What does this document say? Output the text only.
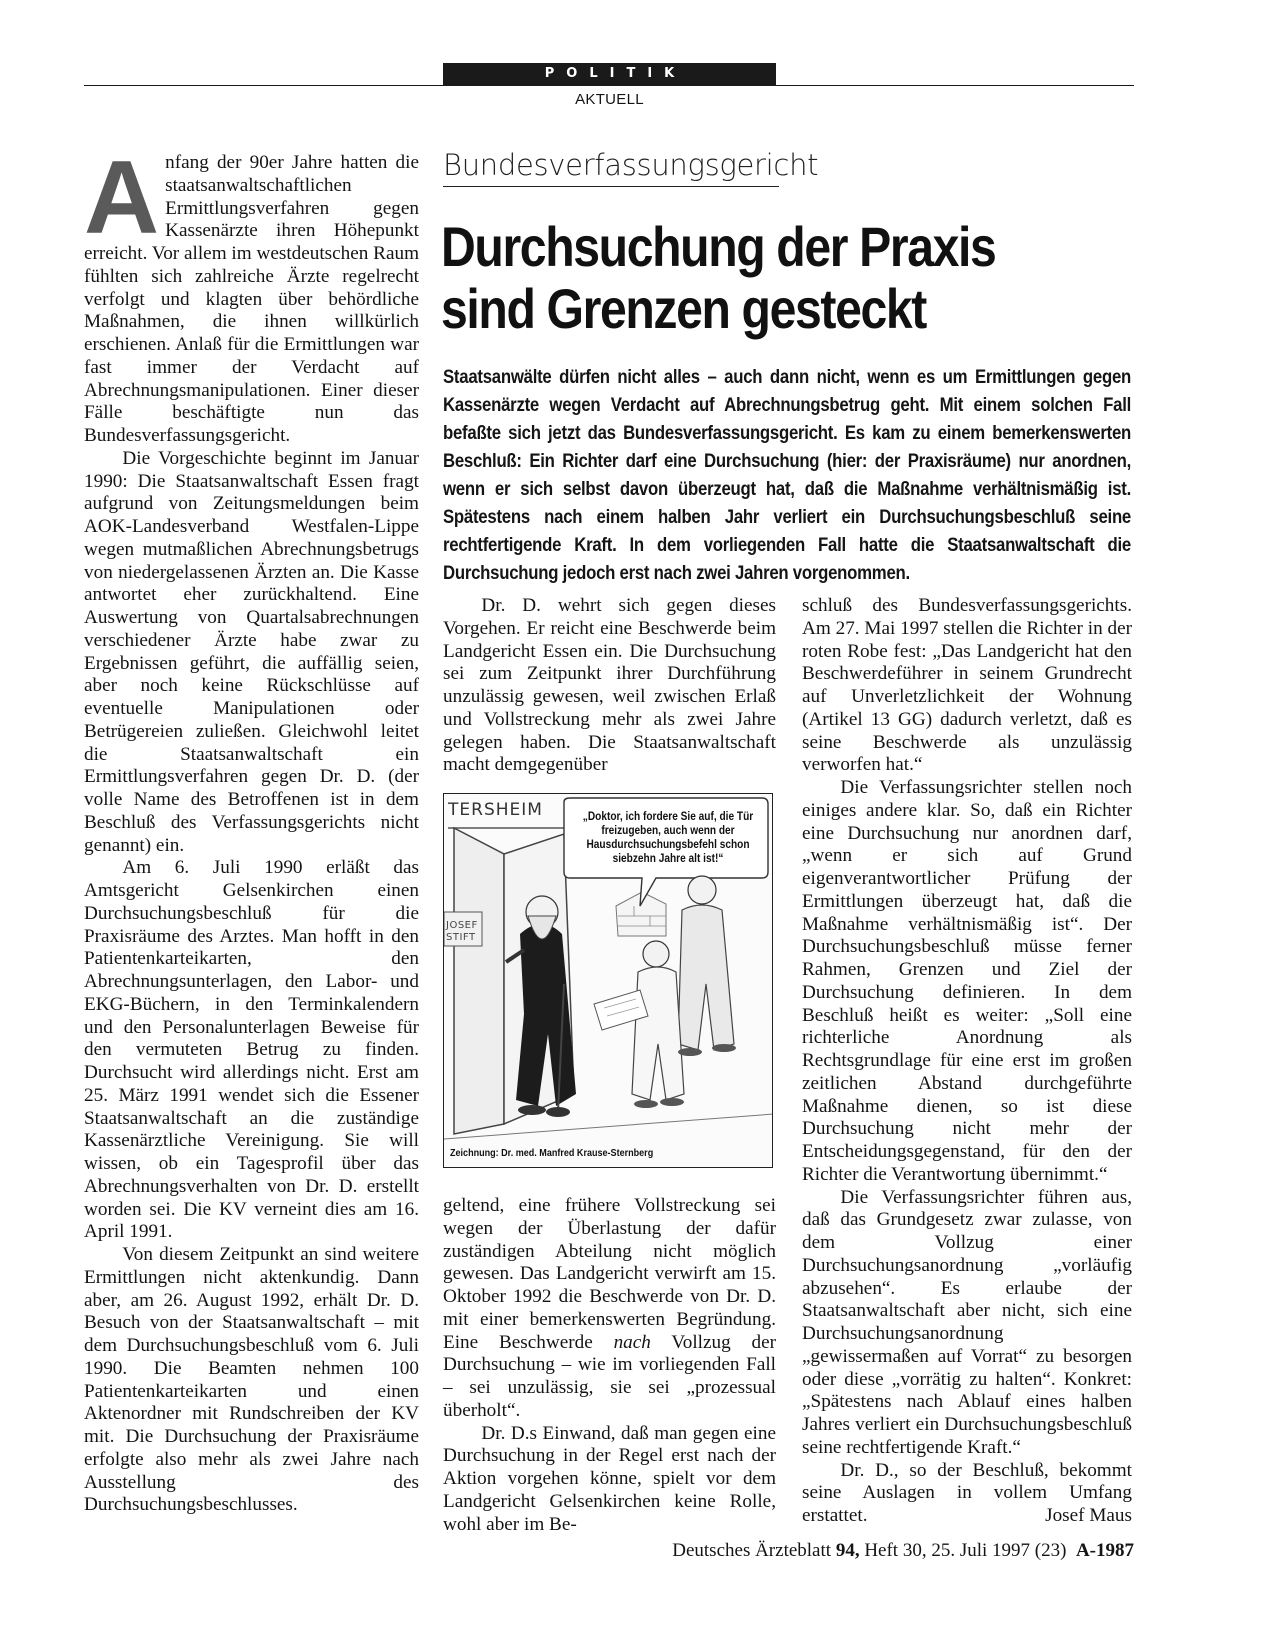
POLITIK
AKTUELL

Anfang der 90er Jahre hatten die staatsanwaltschaftlichen Ermittlungsverfahren gegen Kassenärzte ihren Höhepunkt erreicht. Vor allem im westdeutschen Raum fühlten sich zahlreiche Ärzte regelrecht verfolgt und klagten über behördliche Maßnahmen, die ihnen willkürlich erschienen. Anlaß für die Ermittlungen war fast immer der Verdacht auf Abrechnungsmanipulationen. Einer dieser Fälle beschäftigte nun das Bundesverfassungsgericht.

Die Vorgeschichte beginnt im Januar 1990: Die Staatsanwaltschaft Essen fragt aufgrund von Zeitungsmeldungen beim AOK-Landesverband Westfalen-Lippe wegen mutmaßlichen Abrechnungsbetrugs von niedergelassenen Ärzten an. Die Kasse antwortet eher zurückhaltend. Eine Auswertung von Quartalsabrechnungen verschiedener Ärzte habe zwar zu Ergebnissen geführt, die auffällig seien, aber noch keine Rückschlüsse auf eventuelle Manipulationen oder Betrügereien zuließen. Gleichwohl leitet die Staatsanwaltschaft ein Ermittlungsverfahren gegen Dr. D. (der volle Name des Betroffenen ist in dem Beschluß des Verfassungsgerichts nicht genannt) ein.

Am 6. Juli 1990 erläßt das Amtsgericht Gelsenkirchen einen Durchsuchungsbeschluß für die Praxisräume des Arztes. Man hofft in den Patientenkarteikarten, den Abrechnungsunterlagen, den Labor- und EKG-Büchern, in den Terminkalendern und den Personalunterlagen Beweise für den vermuteten Betrug zu finden. Durchsucht wird allerdings nicht. Erst am 25. März 1991 wendet sich die Essener Staatsanwaltschaft an die zuständige Kassenärztliche Vereinigung. Sie will wissen, ob ein Tagesprofil über das Abrechnungsverhalten von Dr. D. erstellt worden sei. Die KV verneint dies am 16. April 1991.

Von diesem Zeitpunkt an sind weitere Ermittlungen nicht aktenkundig. Dann aber, am 26. August 1992, erhält Dr. D. Besuch von der Staatsanwaltschaft – mit dem Durchsuchungsbeschluß vom 6. Juli 1990. Die Beamten nehmen 100 Patientenkarteikarten und einen Aktenordner mit Rundschreiben der KV mit. Die Durchsuchung der Praxisräume erfolgte also mehr als zwei Jahre nach Ausstellung des Durchsuchungsbeschlusses.

Bundesverfassungsgericht
Durchsuchung der Praxis
sind Grenzen gesteckt
Staatsanwälte dürfen nicht alles – auch dann nicht, wenn es um Ermittlungen gegen Kassenärzte wegen Verdacht auf Abrechnungsbetrug geht. Mit einem solchen Fall befaßte sich jetzt das Bundesverfassungsgericht. Es kam zu einem bemerkenswerten Beschluß: Ein Richter darf eine Durchsuchung (hier: der Praxisräume) nur anordnen, wenn er sich selbst davon überzeugt hat, daß die Maßnahme verhältnismäßig ist. Spätestens nach einem halben Jahr verliert ein Durchsuchungsbeschluß seine rechtfertigende Kraft. In dem vorliegenden Fall hatte die Staatsanwaltschaft die Durchsuchung jedoch erst nach zwei Jahren vorgenommen.

Dr. D. wehrt sich gegen dieses Vorgehen. Er reicht eine Beschwerde beim Landgericht Essen ein. Die Durchsuchung sei zum Zeitpunkt ihrer Durchführung unzulässig gewesen, weil zwischen Erlaß und Vollstreckung mehr als zwei Jahre gelegen haben. Die Staatsanwaltschaft macht demgegenüber

TERSHEIM	„Doktor, ich fordere Sie auf, die Tür freizugeben, auch wenn der Hausdurchsuchungsbefehl schon siebzehn Jahre alt ist!“
JOSEF STIFT
Zeichnung: Dr. med. Manfred Krause-Sternberg

geltend, eine frühere Vollstreckung sei wegen der Überlastung der dafür zuständigen Abteilung nicht möglich gewesen. Das Landgericht verwirft am 15. Oktober 1992 die Beschwerde von Dr. D. mit einer bemerkenswerten Begründung. Eine Beschwerde nach Vollzug der Durchsuchung – wie im vorliegenden Fall – sei unzulässig, sie sei „prozessual überholt“.

Dr. D.s Einwand, daß man gegen eine Durchsuchung in der Regel erst nach der Aktion vorgehen könne, spielt vor dem Landgericht Gelsenkirchen keine Rolle, wohl aber im Be-

schluß des Bundesverfassungsgerichts. Am 27. Mai 1997 stellen die Richter in der roten Robe fest: „Das Landgericht hat den Beschwerdeführer in seinem Grundrecht auf Unverletzlichkeit der Wohnung (Artikel 13 GG) dadurch verletzt, daß es seine Beschwerde als unzulässig verworfen hat.“

Die Verfassungsrichter stellen noch einiges andere klar. So, daß ein Richter eine Durchsuchung nur anordnen darf, „wenn er sich auf Grund eigenverantwortlicher Prüfung der Ermittlungen überzeugt hat, daß die Maßnahme verhältnismäßig ist“. Der Durchsuchungsbeschluß müsse ferner Rahmen, Grenzen und Ziel der Durchsuchung definieren. In dem Beschluß heißt es weiter: „Soll eine richterliche Anordnung als Rechtsgrundlage für eine erst im großen zeitlichen Abstand durchgeführte Maßnahme dienen, so ist diese Durchsuchung nicht mehr der Entscheidungsgegenstand, für den der Richter die Verantwortung übernimmt.“

Die Verfassungsrichter führen aus, daß das Grundgesetz zwar zulasse, von dem Vollzug einer Durchsuchungsanordnung „vorläufig abzusehen“. Es erlaube der Staatsanwaltschaft aber nicht, sich eine Durchsuchungsanordnung „gewissermaßen auf Vorrat“ zu besorgen oder diese „vorrätig zu halten“. Konkret: „Spätestens nach Ablauf eines halben Jahres verliert ein Durchsuchungsbeschluß seine rechtfertigende Kraft.“

Dr. D., so der Beschluß, bekommt seine Auslagen in vollem Umfang erstattet.	Josef Maus

Deutsches Ärzteblatt 94, Heft 30, 25. Juli 1997 (23) A-1987
